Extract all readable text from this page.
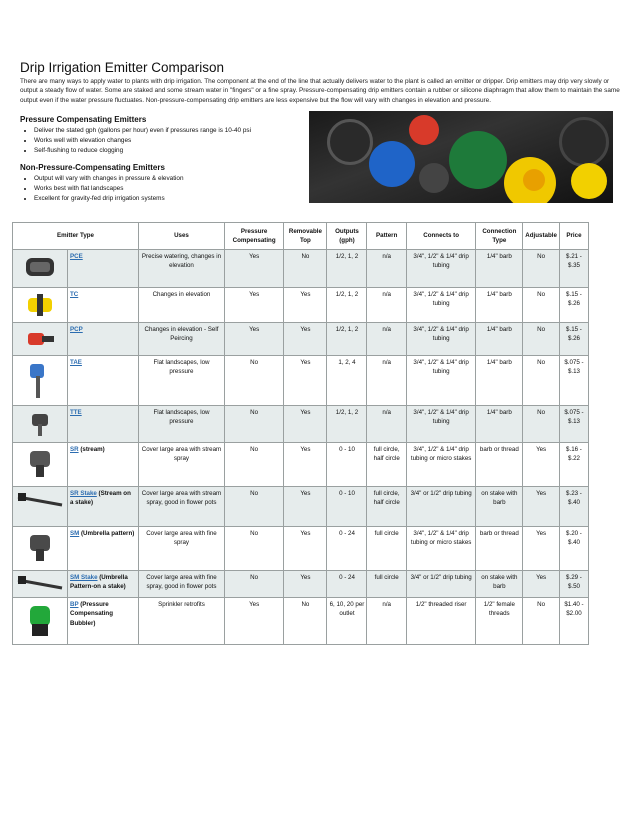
Drip Irrigation Emitter Comparison

There are many ways to apply water to plants with drip irrigation. The component at the end of the line that actually delivers water to the plant is called an emitter or dripper. Drip emitters may drip very slowly or output a steady flow of water. Some are staked and some stream water in "fingers" or a fine spray. Pressure-compensating drip emitters contain a rubber or silicone diaphragm that allow them to maintain the same output even if the water pressure fluctuates. Non-pressure-compensating drip emitters are less expensive but the flow will vary with changes in elevation and pressure.

Pressure Compensating Emitters
• Deliver the stated gph (gallons per hour) even if pressures range is 10-40 psi
• Works well with elevation changes
• Self-flushing to reduce clogging
Non-Pressure-Compensating Emitters
• Output will vary with changes in pressure & elevation
• Works best with flat landscapes
• Excellent for gravity-fed drip irrigation systems
Emitter Type		Uses	Pressure Compensating	Removable Top	Outputs (gph)	Pattern	Connects to	Connection Type	Adjustable	Price

	PCE	Precise watering, changes in elevation	Yes	No	1/2, 1, 2	n/a	3/4", 1/2" & 1/4" drip tubing	1/4" barb	No	$.21 - $.35

	TC	Changes in elevation	Yes	Yes	1/2, 1, 2	n/a	3/4", 1/2" & 1/4" drip tubing	1/4" barb	No	$.15 - $.26

	PCP	Changes in elevation - Self Peircing	Yes	Yes	1/2, 1, 2	n/a	3/4", 1/2" & 1/4" drip tubing	1/4" barb	No	$.15 - $.26

	TAE	Flat landscapes, low pressure	No	Yes	1, 2, 4	n/a	3/4", 1/2" & 1/4" drip tubing	1/4" barb	No	$.075 - $.13

	TTE	Flat landscapes, low pressure	No	Yes	1/2, 1, 2	n/a	3/4", 1/2" & 1/4" drip tubing	1/4" barb	No	$.075 - $.13

	SR (stream)	Cover large area with stream spray	No	Yes	0 - 10	full circle, half circle	3/4", 1/2" & 1/4" drip tubing or micro stakes	barb or thread	Yes	$.16 - $.22

	SR Stake (Stream on a stake)	Cover large area with stream spray, good in flower pots	No	Yes	0 - 10	full circle, half circle	3/4" or 1/2" drip tubing	on stake with barb	Yes	$.23 - $.40

	SM (Umbrella pattern)	Cover large area with fine spray	No	Yes	0 - 24	full circle	3/4", 1/2" & 1/4" drip tubing or micro stakes	barb or thread	Yes	$.20 - $.40

	SM Stake (Umbrella Pattern-on a stake)	Cover large area with fine spray, good in flower pots	No	Yes	0 - 24	full circle	3/4" or 1/2" drip tubing	on stake with barb	Yes	$.29 - $.50

	BP (Pressure Compensating Bubbler)	Sprinkler retrofits	Yes	No	6, 10, 20 per outlet	n/a	1/2" threaded riser	1/2" female threads	No	$1.40 - $2.00
